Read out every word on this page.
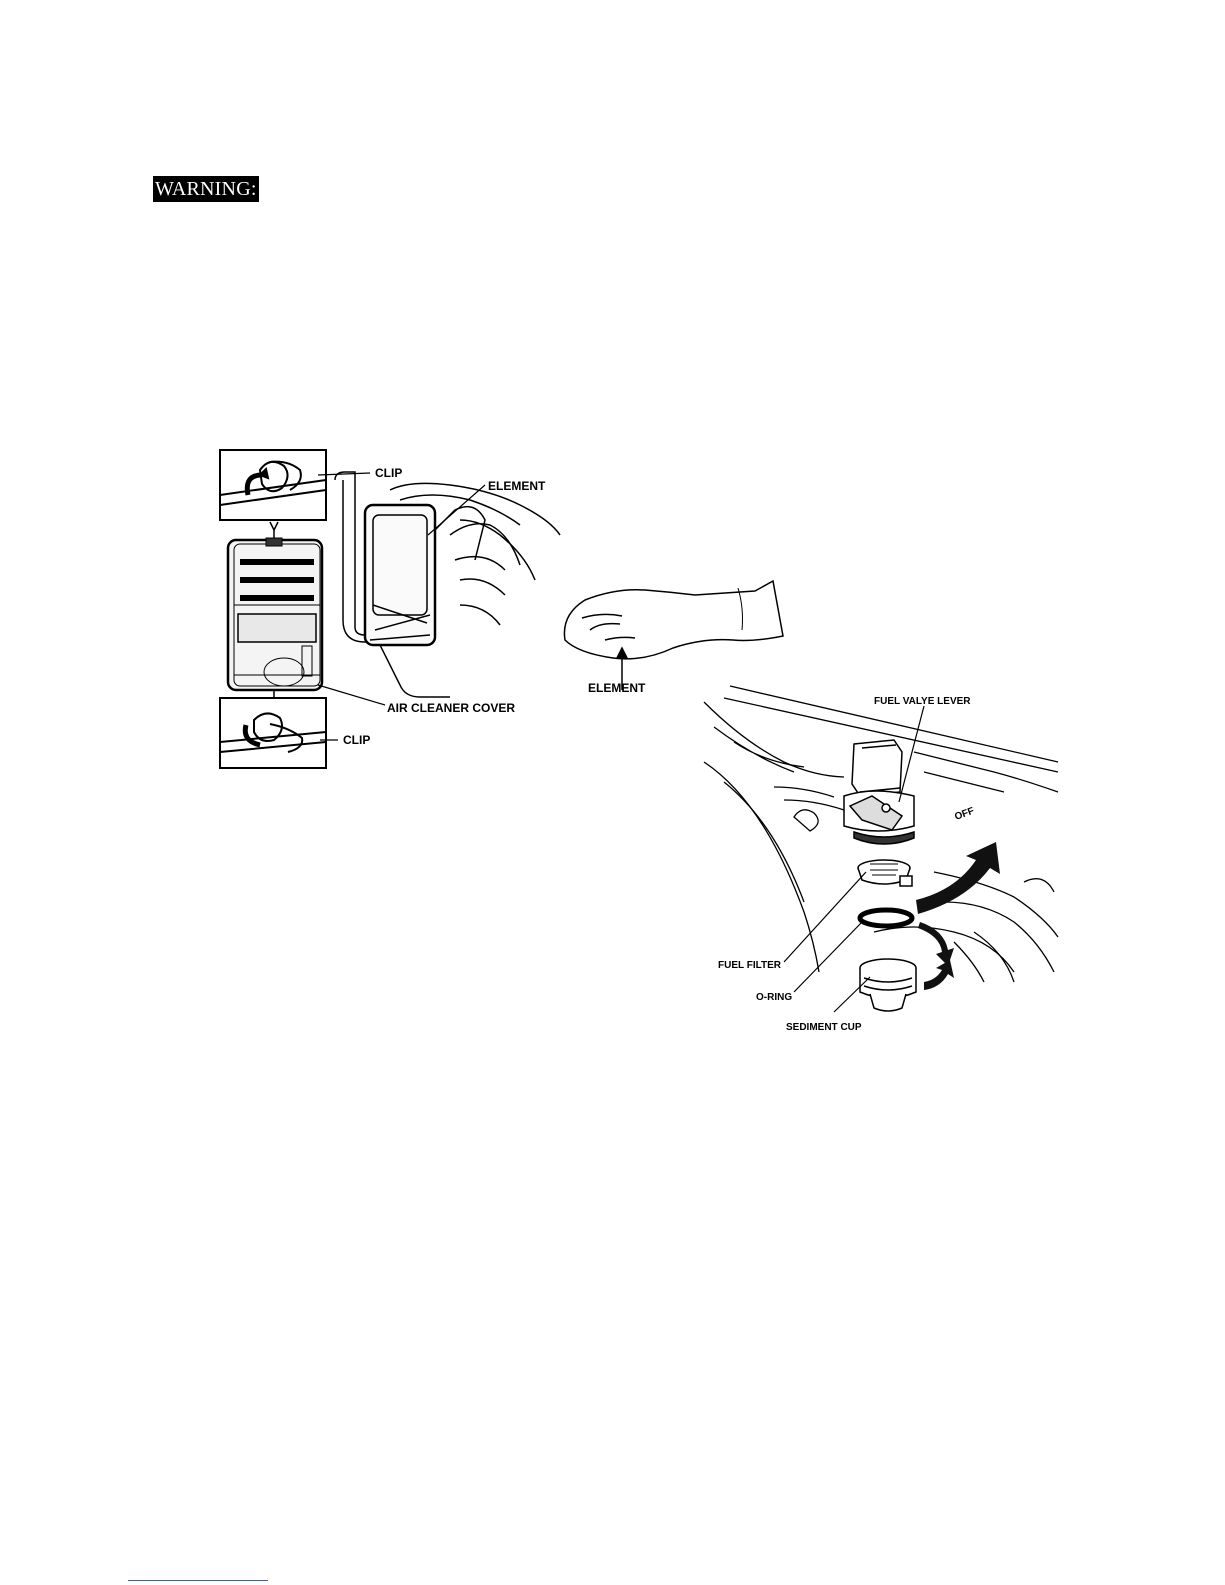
WARNING:
CLIP
ELEMENT
AIR CLEANER COVER
CLIP
ELEMENT
FUEL VALYE LEVER
OFF
FUEL FILTER
O-RING
SEDIMENT CUP
